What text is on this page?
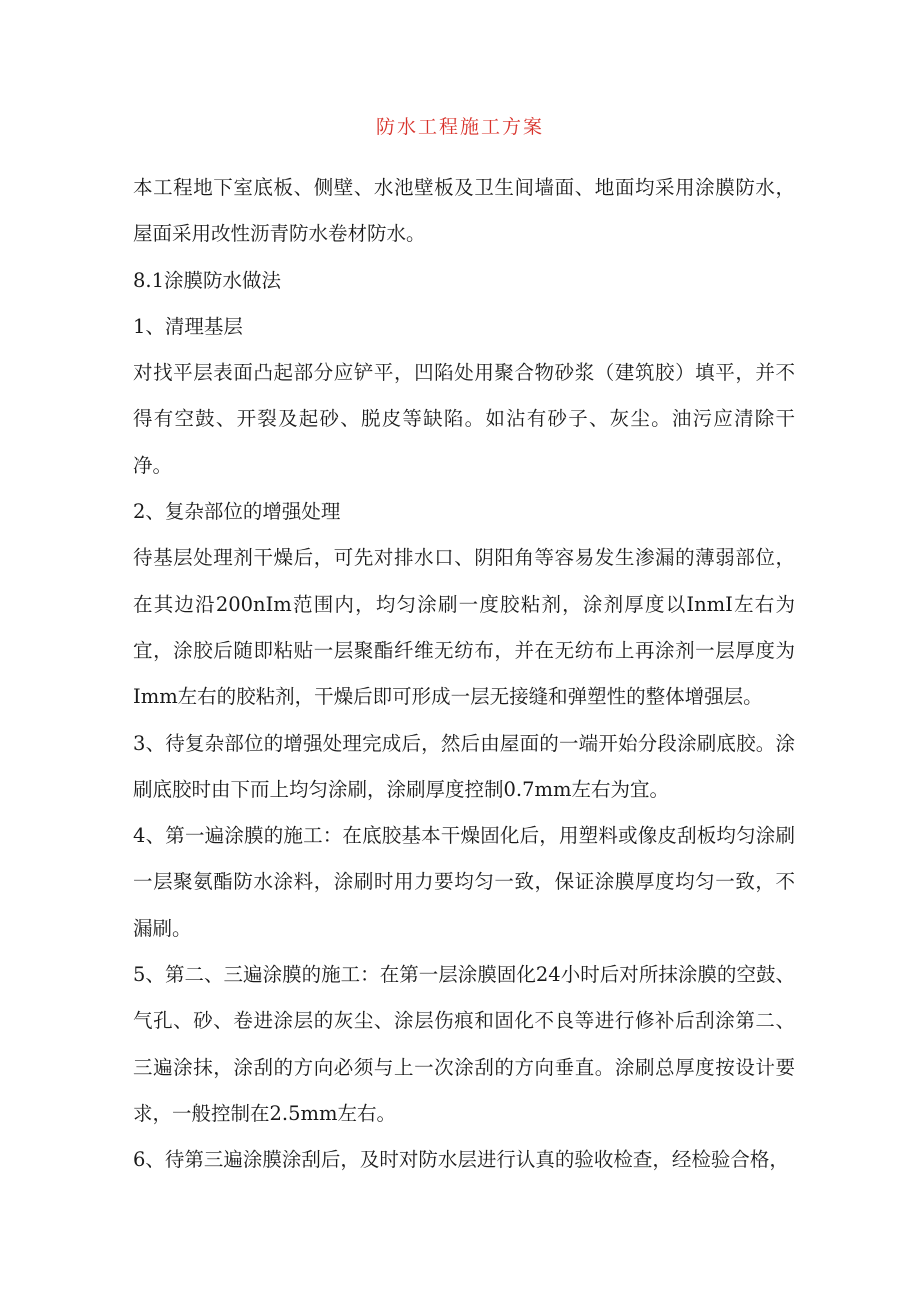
防水工程施工方案

本工程地下室底板、侧壁、水池壁板及卫生间墙面、地面均采用涂膜防水，屋面采用改性沥青防水卷材防水。

8.1涂膜防水做法

1、清理基层

对找平层表面凸起部分应铲平，凹陷处用聚合物砂浆（建筑胶）填平，并不得有空鼓、开裂及起砂、脱皮等缺陷。如沾有砂子、灰尘。油污应清除干净。

2、复杂部位的增强处理

待基层处理剂干燥后，可先对排水口、阴阳角等容易发生渗漏的薄弱部位，在其边沿200nIm范围内，均匀涂刷一度胶粘剂，涂剂厚度以InmI左右为宜，涂胶后随即粘贴一层聚酯纤维无纺布，并在无纺布上再涂剂一层厚度为Imm左右的胶粘剂，干燥后即可形成一层无接缝和弹塑性的整体增强层。

3、待复杂部位的增强处理完成后，然后由屋面的一端开始分段涂刷底胶。涂刷底胶时由下而上均匀涂刷，涂刷厚度控制0.7mm左右为宜。

4、第一遍涂膜的施工：在底胶基本干燥固化后，用塑料或像皮刮板均匀涂刷一层聚氨酯防水涂料，涂刷时用力要均匀一致，保证涂膜厚度均匀一致，不漏刷。

5、第二、三遍涂膜的施工：在第一层涂膜固化24小时后对所抹涂膜的空鼓、气孔、砂、卷进涂层的灰尘、涂层伤痕和固化不良等进行修补后刮涂第二、三遍涂抹，涂刮的方向必须与上一次涂刮的方向垂直。涂刷总厚度按设计要求，一般控制在2.5mm左右。

6、待第三遍涂膜涂刮后，及时对防水层进行认真的验收检查，经检验合格，
